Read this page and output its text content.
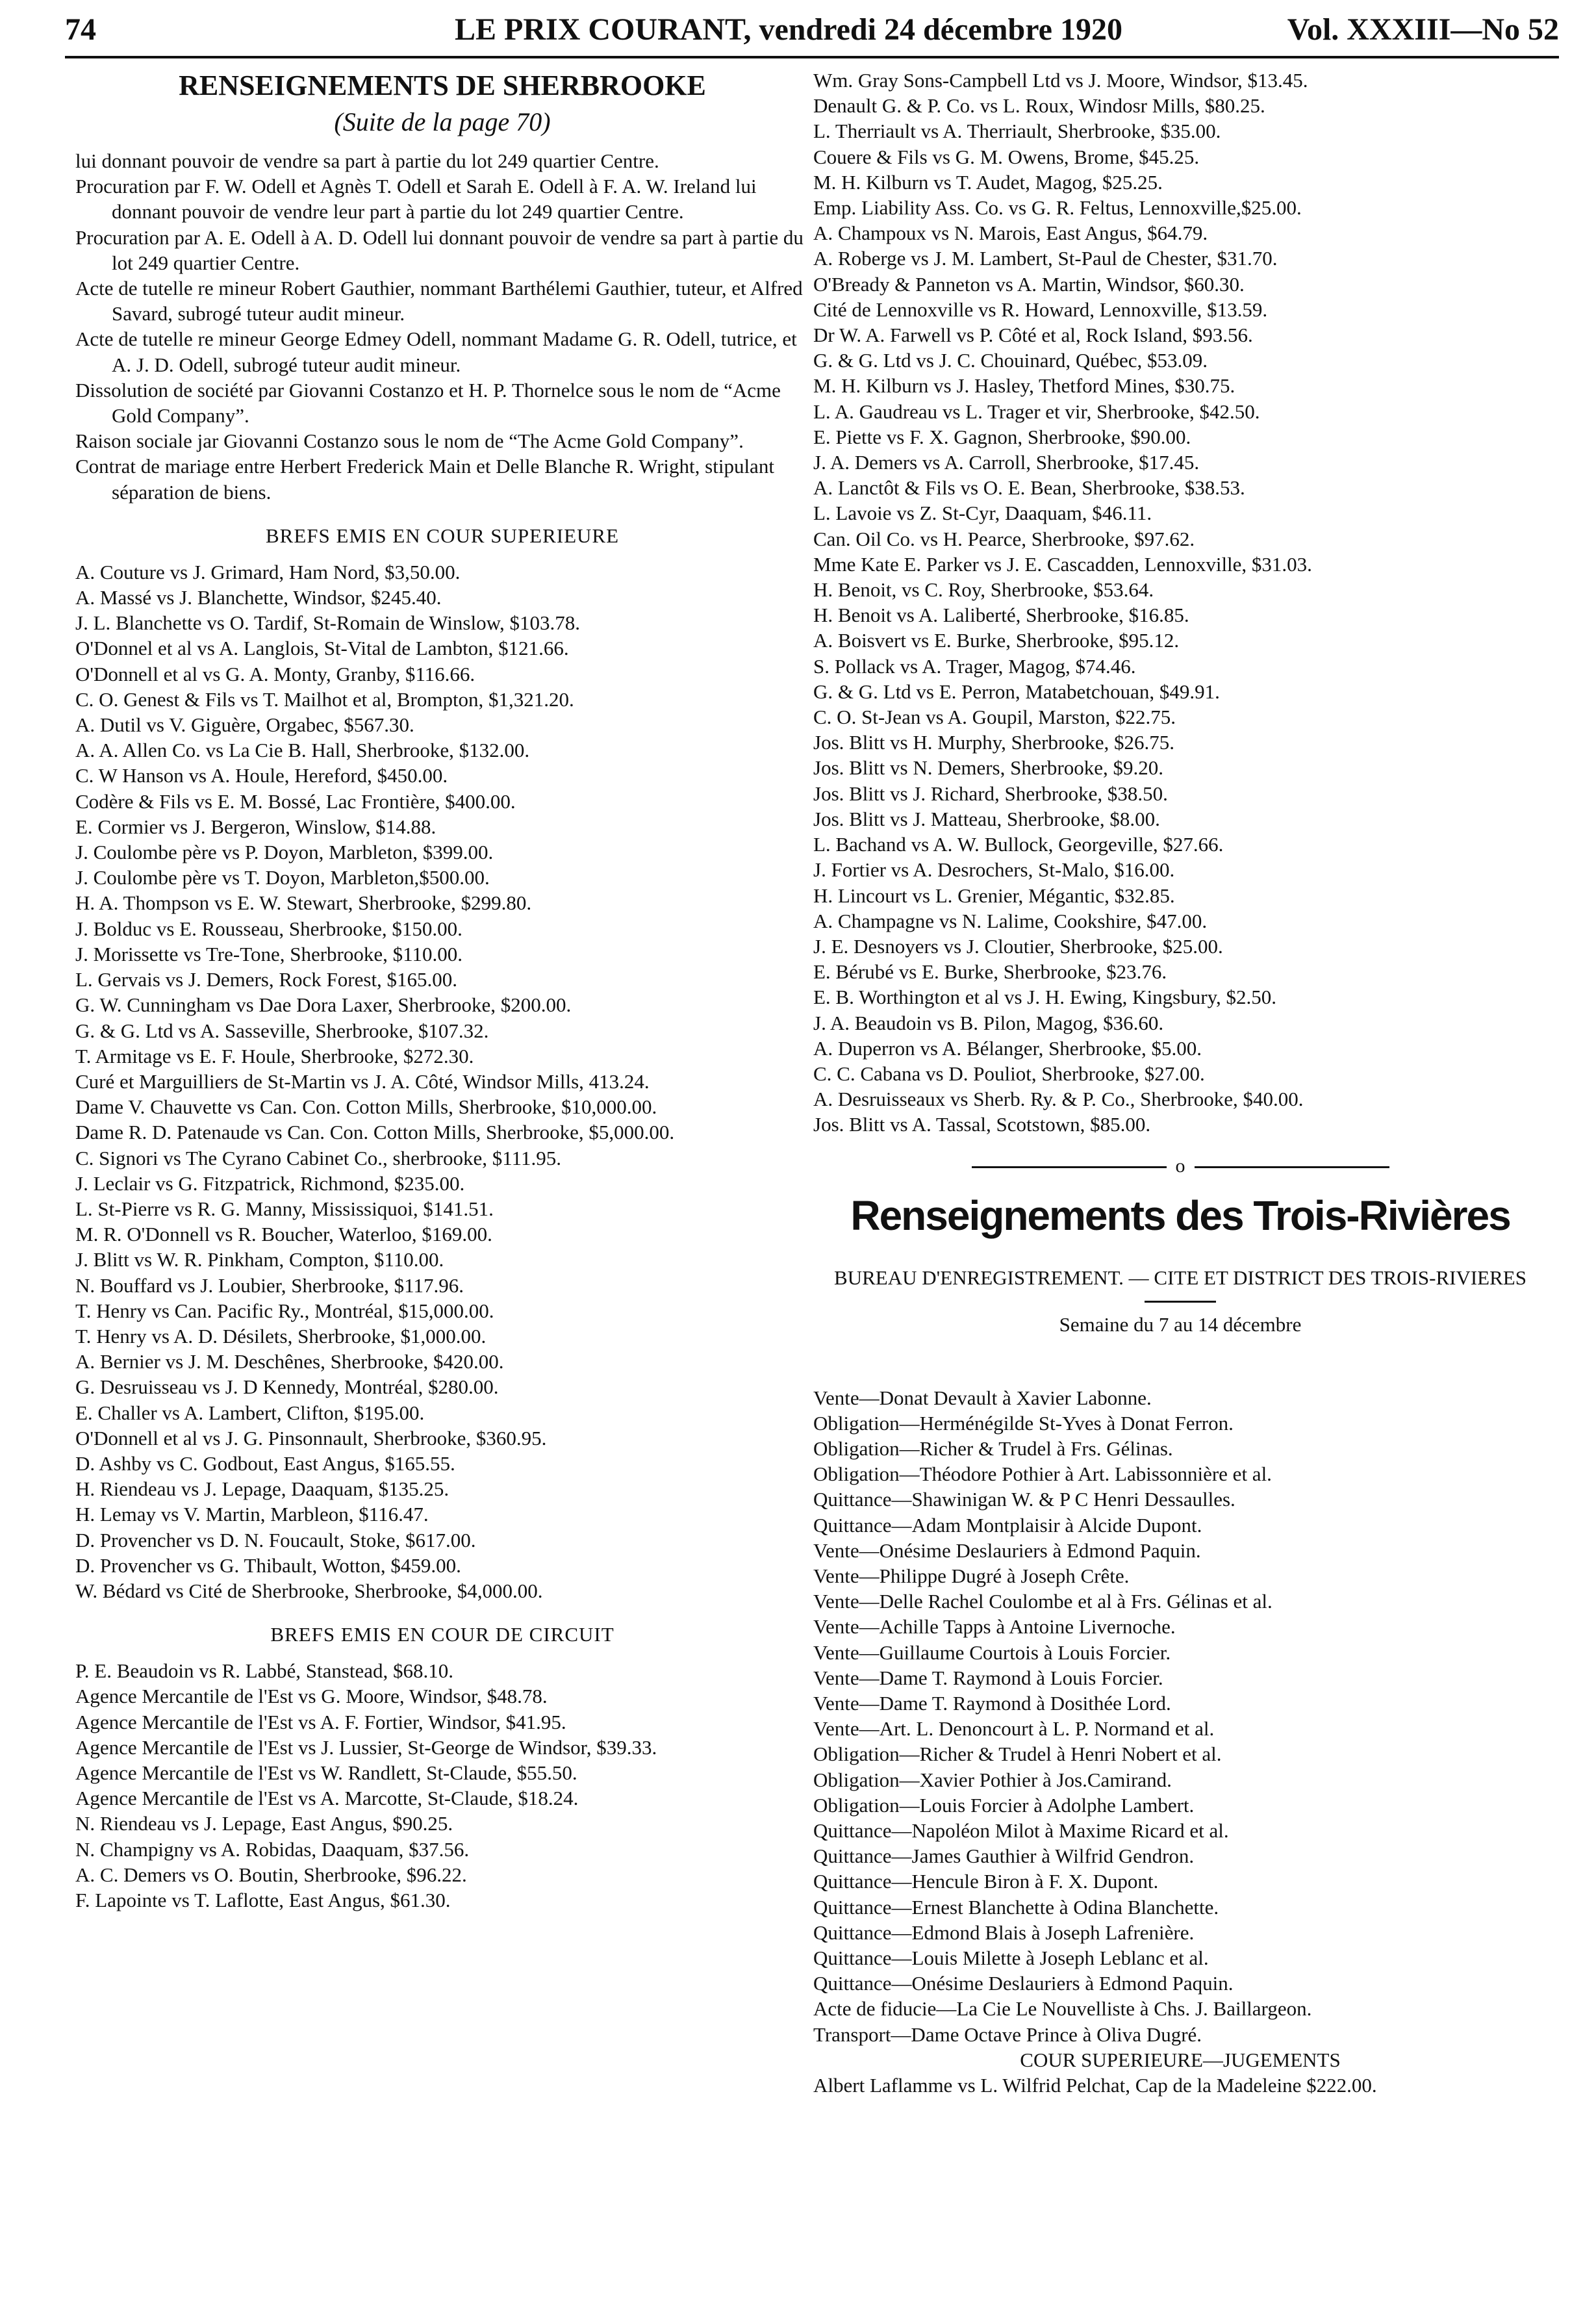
74	LE PRIX COURANT, vendredi 24 décembre 1920	Vol. XXXIII—No 52
RENSEIGNEMENTS DE SHERBROOKE
(Suite de la page 70)

lui donnant pouvoir de vendre sa part à partie du lot 249 quartier Centre.

Procuration par F. W. Odell et Agnès T. Odell et Sarah E. Odell à F. A. W. Ireland lui donnant pouvoir de vendre leur part à partie du lot 249 quartier Centre.

Procuration par A. E. Odell à A. D. Odell lui donnant pouvoir de vendre sa part à partie du lot 249 quartier Centre.

Acte de tutelle re mineur Robert Gauthier, nommant Barthélemi Gauthier, tuteur, et Alfred Savard, subrogé tuteur audit mineur.

Acte de tutelle re mineur George Edmey Odell, nommant Madame G. R. Odell, tutrice, et A. J. D. Odell, subrogé tuteur audit mineur.

Dissolution de société par Giovanni Costanzo et H. P. Thornelce sous le nom de “Acme Gold Company”.

Raison sociale jar Giovanni Costanzo sous le nom de “The Acme Gold Company”.

Contrat de mariage entre Herbert Frederick Main et Delle Blanche R. Wright, stipulant séparation de biens.

BREFS EMIS EN COUR SUPERIEURE

A. Couture vs J. Grimard, Ham Nord, $3,50.00.

A. Massé vs J. Blanchette, Windsor, $245.40.

J. L. Blanchette vs O. Tardif, St-Romain de Winslow, $103.78.

O'Donnel et al vs A. Langlois, St-Vital de Lambton, $121.66.

O'Donnell et al vs G. A. Monty, Granby, $116.66.

C. O. Genest & Fils vs T. Mailhot et al, Brompton, $1,321.20.

A. Dutil vs V. Giguère, Orgabec, $567.30.

A. A. Allen Co. vs La Cie B. Hall, Sherbrooke, $132.00.

C. W Hanson vs A. Houle, Hereford, $450.00.

Codère & Fils vs E. M. Bossé, Lac Frontière, $400.00.

E. Cormier vs J. Bergeron, Winslow, $14.88.

J. Coulombe père vs P. Doyon, Marbleton, $399.00.

J. Coulombe père vs T. Doyon, Marbleton,$500.00.

H. A. Thompson vs E. W. Stewart, Sherbrooke, $299.80.

J. Bolduc vs E. Rousseau, Sherbrooke, $150.00.

J. Morissette vs Tre-Tone, Sherbrooke, $110.00.

L. Gervais vs J. Demers, Rock Forest, $165.00.

G. W. Cunningham vs Dae Dora Laxer, Sherbrooke, $200.00.

G. & G. Ltd vs A. Sasseville, Sherbrooke, $107.32.

T. Armitage vs E. F. Houle, Sherbrooke, $272.30.

Curé et Marguilliers de St-Martin vs J. A. Côté, Windsor Mills, 413.24.

Dame V. Chauvette vs Can. Con. Cotton Mills, Sherbrooke, $10,000.00.

Dame R. D. Patenaude vs Can. Con. Cotton Mills, Sherbrooke, $5,000.00.

C. Signori vs The Cyrano Cabinet Co., sherbrooke, $111.95.

J. Leclair vs G. Fitzpatrick, Richmond, $235.00.

L. St-Pierre vs R. G. Manny, Mississiquoi, $141.51.

M. R. O'Donnell vs R. Boucher, Waterloo, $169.00.

J. Blitt vs W. R. Pinkham, Compton, $110.00.

N. Bouffard vs J. Loubier, Sherbrooke, $117.96.

T. Henry vs Can. Pacific Ry., Montréal, $15,000.00.

T. Henry vs A. D. Désilets, Sherbrooke, $1,000.00.

A. Bernier vs J. M. Deschênes, Sherbrooke, $420.00.

G. Desruisseau vs J. D Kennedy, Montréal, $280.00.

E. Challer vs A. Lambert, Clifton, $195.00.

O'Donnell et al vs J. G. Pinsonnault, Sherbrooke, $360.95.

D. Ashby vs C. Godbout, East Angus, $165.55.

H. Riendeau vs J. Lepage, Daaquam, $135.25.

H. Lemay vs V. Martin, Marbleon, $116.47.

D. Provencher vs D. N. Foucault, Stoke, $617.00.

D. Provencher vs G. Thibault, Wotton, $459.00.

W. Bédard vs Cité de Sherbrooke, Sherbrooke, $4,000.00.

BREFS EMIS EN COUR DE CIRCUIT

P. E. Beaudoin vs R. Labbé, Stanstead, $68.10.

Agence Mercantile de l'Est vs G. Moore, Windsor, $48.78.

Agence Mercantile de l'Est vs A. F. Fortier, Windsor, $41.95.

Agence Mercantile de l'Est vs J. Lussier, St-George de Windsor, $39.33.

Agence Mercantile de l'Est vs W. Randlett, St-Claude, $55.50.

Agence Mercantile de l'Est vs A. Marcotte, St-Claude, $18.24.

N. Riendeau vs J. Lepage, East Angus, $90.25.

N. Champigny vs A. Robidas, Daaquam, $37.56.

A. C. Demers vs O. Boutin, Sherbrooke, $96.22.

F. Lapointe vs T. Laflotte, East Angus, $61.30.

Wm. Gray Sons-Campbell Ltd vs J. Moore, Windsor, $13.45.

Denault G. & P. Co. vs L. Roux, Windosr Mills, $80.25.

L. Therriault vs A. Therriault, Sherbrooke, $35.00.

Couere & Fils vs G. M. Owens, Brome, $45.25.

M. H. Kilburn vs T. Audet, Magog, $25.25.

Emp. Liability Ass. Co. vs G. R. Feltus, Lennoxville,$25.00.

A. Champoux vs N. Marois, East Angus, $64.79.

A. Roberge vs J. M. Lambert, St-Paul de Chester, $31.70.

O'Bready & Panneton vs A. Martin, Windsor, $60.30.

Cité de Lennoxville vs R. Howard, Lennoxville, $13.59.

Dr W. A. Farwell vs P. Côté et al, Rock Island, $93.56.

G. & G. Ltd vs J. C. Chouinard, Québec, $53.09.

M. H. Kilburn vs J. Hasley, Thetford Mines, $30.75.

L. A. Gaudreau vs L. Trager et vir, Sherbrooke, $42.50.

E. Piette vs F. X. Gagnon, Sherbrooke, $90.00.

J. A. Demers vs A. Carroll, Sherbrooke, $17.45.

A. Lanctôt & Fils vs O. E. Bean, Sherbrooke, $38.53.

L. Lavoie vs Z. St-Cyr, Daaquam, $46.11.

Can. Oil Co. vs H. Pearce, Sherbrooke, $97.62.

Mme Kate E. Parker vs J. E. Cascadden, Lennoxville, $31.03.

H. Benoit, vs C. Roy, Sherbrooke, $53.64.

H. Benoit vs A. Laliberté, Sherbrooke, $16.85.

A. Boisvert vs E. Burke, Sherbrooke, $95.12.

S. Pollack vs A. Trager, Magog, $74.46.

G. & G. Ltd vs E. Perron, Matabetchouan, $49.91.

C. O. St-Jean vs A. Goupil, Marston, $22.75.

Jos. Blitt vs H. Murphy, Sherbrooke, $26.75.

Jos. Blitt vs N. Demers, Sherbrooke, $9.20.

Jos. Blitt vs J. Richard, Sherbrooke, $38.50.

Jos. Blitt vs J. Matteau, Sherbrooke, $8.00.

L. Bachand vs A. W. Bullock, Georgeville, $27.66.

J. Fortier vs A. Desrochers, St-Malo, $16.00.

H. Lincourt vs L. Grenier, Mégantic, $32.85.

A. Champagne vs N. Lalime, Cookshire, $47.00.

J. E. Desnoyers vs J. Cloutier, Sherbrooke, $25.00.

E. Bérubé vs E. Burke, Sherbrooke, $23.76.

E. B. Worthington et al vs J. H. Ewing, Kingsbury, $2.50.

J. A. Beaudoin vs B. Pilon, Magog, $36.60.

A. Duperron vs A. Bélanger, Sherbrooke, $5.00.

C. C. Cabana vs D. Pouliot, Sherbrooke, $27.00.

A. Desruisseaux vs Sherb. Ry. & P. Co., Sherbrooke, $40.00.

Jos. Blitt vs A. Tassal, Scotstown, $85.00.

o
Renseignements des Trois-Rivières
BUREAU D'ENREGISTREMENT. — CITE ET DISTRICT DES TROIS-RIVIERES
Semaine du 7 au 14 décembre

Vente—Donat Devault à Xavier Labonne.

Obligation—Herménégilde St-Yves à Donat Ferron.

Obligation—Richer & Trudel à Frs. Gélinas.

Obligation—Théodore Pothier à Art. Labissonnière et al.

Quittance—Shawinigan W. & P C Henri Dessaulles.

Quittance—Adam Montplaisir à Alcide Dupont.

Vente—Onésime Deslauriers à Edmond Paquin.

Vente—Philippe Dugré à Joseph Crête.

Vente—Delle Rachel Coulombe et al à Frs. Gélinas et al.

Vente—Achille Tapps à Antoine Livernoche.

Vente—Guillaume Courtois à Louis Forcier.

Vente—Dame T. Raymond à Louis Forcier.

Vente—Dame T. Raymond à Dosithée Lord.

Vente—Art. L. Denoncourt à L. P. Normand et al.

Obligation—Richer & Trudel à Henri Nobert et al.

Obligation—Xavier Pothier à Jos.Camirand.

Obligation—Louis Forcier à Adolphe Lambert.

Quittance—Napoléon Milot à Maxime Ricard et al.

Quittance—James Gauthier à Wilfrid Gendron.

Quittance—Hencule Biron à F. X. Dupont.

Quittance—Ernest Blanchette à Odina Blanchette.

Quittance—Edmond Blais à Joseph Lafrenière.

Quittance—Louis Milette à Joseph Leblanc et al.

Quittance—Onésime Deslauriers à Edmond Paquin.

Acte de fiducie—La Cie Le Nouvelliste à Chs. J. Baillargeon.

Transport—Dame Octave Prince à Oliva Dugré.

COUR SUPERIEURE—JUGEMENTS

Albert Laflamme vs L. Wilfrid Pelchat, Cap de la Madeleine $222.00.
